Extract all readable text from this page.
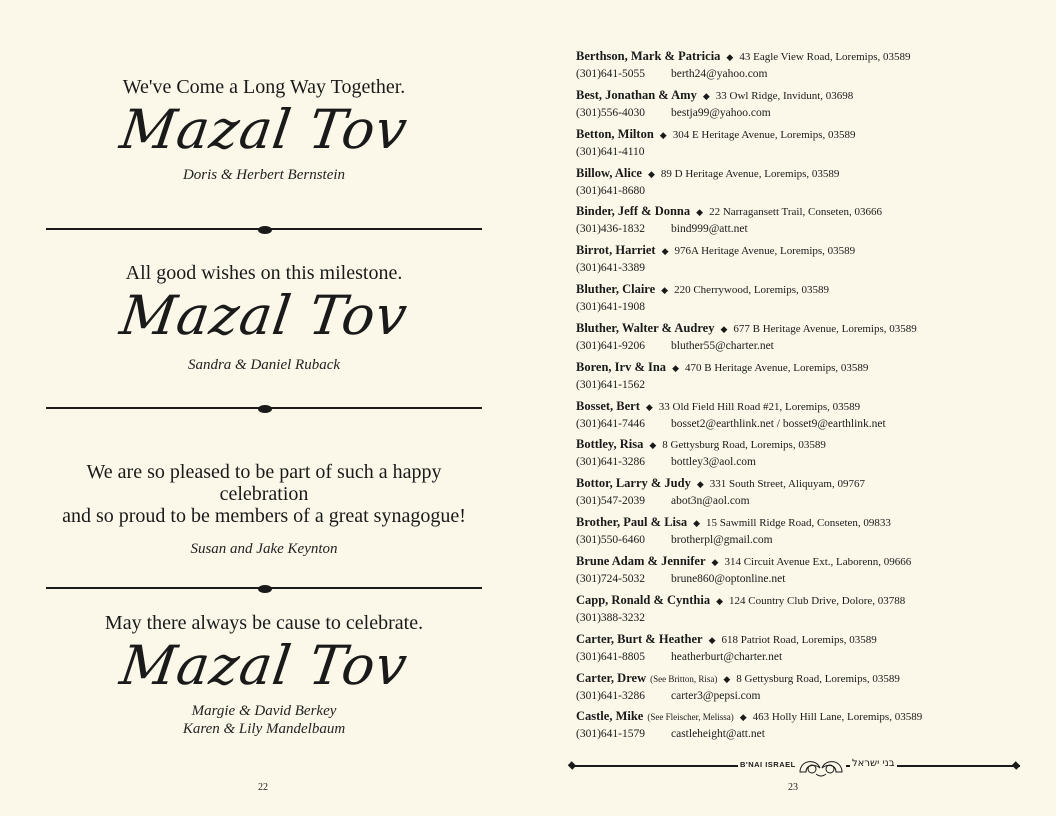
We've Come a Long Way Together.
Mazal Tov
Doris & Herbert Bernstein
All good wishes on this milestone.
Mazal Tov
Sandra & Daniel Ruback
We are so pleased to be part of such a happy celebration
and so proud to be members of a great synagogue!
Susan and Jake Keynton
May there always be cause to celebrate.
Mazal Tov
Margie & David Berkey
Karen & Lily Mandelbaum
22
Berthson, Mark & Patricia ◆ 43 Eagle View Road, Loremips, 03589
(301)641-5055 berth24@yahoo.com
Best, Jonathan & Amy ◆ 33 Owl Ridge, Invidunt, 03698
(301)556-4030 bestja99@yahoo.com
Betton, Milton ◆ 304 E Heritage Avenue, Loremips, 03589
(301)641-4110
Billow, Alice ◆ 89 D Heritage Avenue, Loremips, 03589
(301)641-8680
Binder, Jeff & Donna ◆ 22 Narragansett Trail, Conseten, 03666
(301)436-1832 bind999@att.net
Birrot, Harriet ◆ 976A Heritage Avenue, Loremips, 03589
(301)641-3389
Bluther, Claire ◆ 220 Cherrywood, Loremips, 03589
(301)641-1908
Bluther, Walter & Audrey ◆ 677 B Heritage Avenue, Loremips, 03589
(301)641-9206 bluther55@charter.net
Boren, Irv & Ina ◆ 470 B Heritage Avenue, Loremips, 03589
(301)641-1562
Bosset, Bert ◆ 33 Old Field Hill Road #21, Loremips, 03589
(301)641-7446 bosset2@earthlink.net / bosset9@earthlink.net
Bottley, Risa ◆ 8 Gettysburg Road, Loremips, 03589
(301)641-3286 bottley3@aol.com
Bottor, Larry & Judy ◆ 331 South Street, Aliquyam, 09767
(301)547-2039 abot3n@aol.com
Brother, Paul & Lisa ◆ 15 Sawmill Ridge Road, Conseten, 09833
(301)550-6460 brotherpl@gmail.com
Brune Adam & Jennifer ◆ 314 Circuit Avenue Ext., Laborenn, 09666
(301)724-5032 brune860@optonline.net
Capp, Ronald & Cynthia ◆ 124 Country Club Drive, Dolore, 03788
(301)388-3232
Carter, Burt & Heather ◆ 618 Patriot Road, Loremips, 03589
(301)641-8805 heatherburt@charter.net
Carter, Drew (See Britton, Risa) ◆ 8 Gettysburg Road, Loremips, 03589
(301)641-3286 carter3@pepsi.com
Castle, Mike (See Fleischer, Melissa) ◆ 463 Holly Hill Lane, Loremips, 03589
(301)641-1579 castleheight@att.net
B'NAI ISRAEL	בני ישראל
23
